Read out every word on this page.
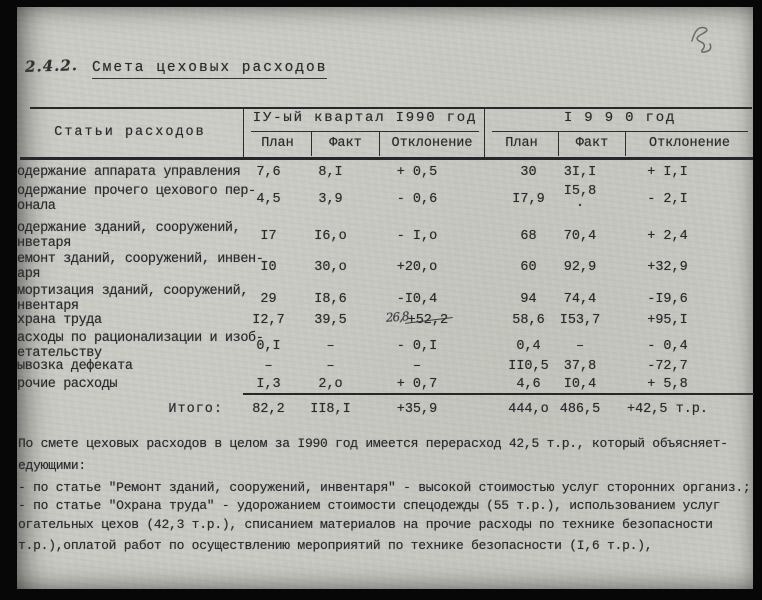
2.4.2. Смета цеховых расходов
Статьи расходов
IУ-ый квартал I990 год
План	Факт	Отклонение
I 9 9 0 год
План	Факт	Отклонение
одержание аппарата управления	7,6	8,I	+ 0,5	30	3I,I	+ I,I
одержание прочего цехового пер-
онала	4,5	3,9	- 0,6	I7,9	I5,8 ·	- 2,I
одержание зданий, сооружений,
нветаря	I7	I6,о	- I,о	68	70,4	+ 2,4
емонт зданий, сооружений, инвен-
аря	I0	30,о	+20,о	60	92,9	+32,9
мортизация зданий, сооружений,
нвентаря	29	I8,6	-I0,4	94	74,4	-I9,6
храна труда	I2,7	39,5	26,8+52,2	58,6	I53,7	+95,I
асходы по рационализации и изоб-
етательству	0,I	–	- 0,I	0,4	–	- 0,4
ывозка дефеката	–	–	–	II0,5	37,8	-72,7
рочие расходы	I,3	2,о	+ 0,7	4,6	I0,4	+ 5,8
Итого:	82,2	II8,I	+35,9	444,о 486,5	+42,5 т.р.
По смете цеховых расходов в целом за I990 год имеется перерасход 42,5 т.р., который объясняет-
едующими:
- по статье "Ремонт зданий, сооружений, инвентаря" - высокой стоимостью услуг сторонних организ.;
- по статье "Охрана труда" - удорожанием стоимости спецодежды (55 т.р.), использованием услуг
огательных цехов (42,3 т.р.), списанием материалов на прочие расходы по технике безопасности
т.р.),оплатой работ по осуществлению мероприятий по технике безопасности (I,6 т.р.),
